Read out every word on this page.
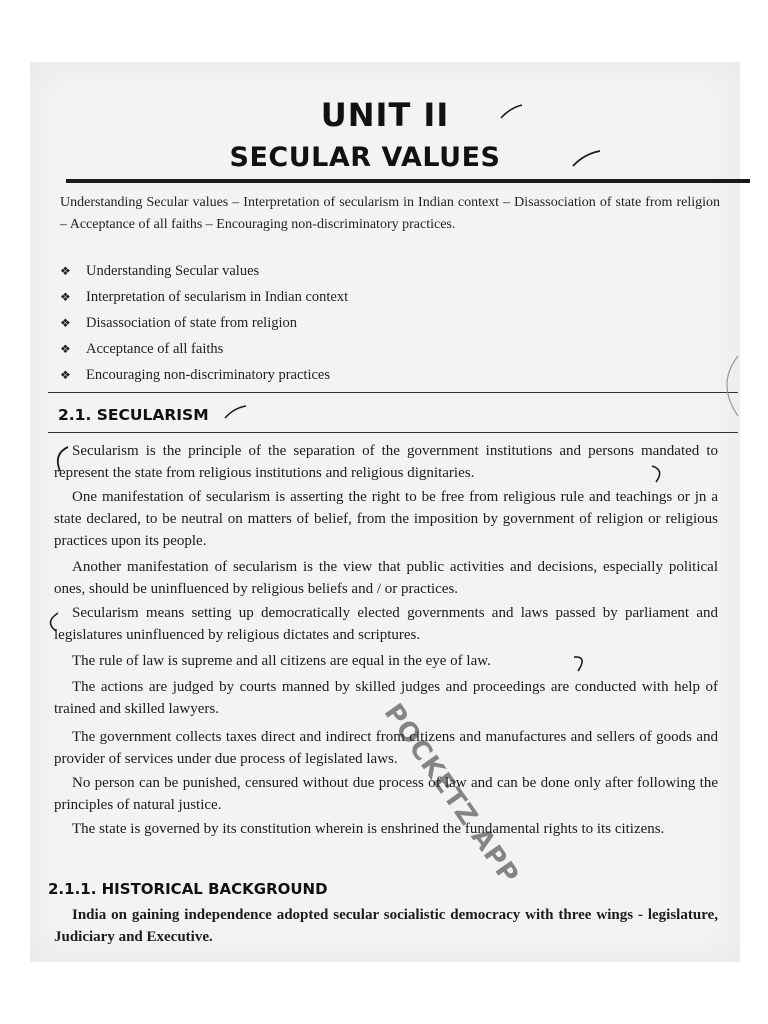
UNIT II
SECULAR VALUES
Understanding Secular values – Interpretation of secularism in Indian context – Disassociation of state from religion – Acceptance of all faiths – Encouraging non-discriminatory practices.
❖ Understanding Secular values
❖ Interpretation of secularism in Indian context
❖ Disassociation of state from religion
❖ Acceptance of all faiths
❖ Encouraging non-discriminatory practices
2.1. SECULARISM
Secularism is the principle of the separation of the government institutions and persons mandated to represent the state from religious institutions and religious dignitaries.
One manifestation of secularism is asserting the right to be free from religious rule and teachings or jn a state declared, to be neutral on matters of belief, from the imposition by government of religion or religious practices upon its people.
Another manifestation of secularism is the view that public activities and decisions, especially political ones, should be uninfluenced by religious beliefs and / or practices.
Secularism means setting up democratically elected governments and laws passed by parliament and legislatures uninfluenced by religious dictates and scriptures.
The rule of law is supreme and all citizens are equal in the eye of law.
The actions are judged by courts manned by skilled judges and proceedings are conducted with help of trained and skilled lawyers.
The government collects taxes direct and indirect from citizens and manufactures and sellers of goods and provider of services under due process of legislated laws.
No person can be punished, censured without due process of law and can be done only after following the principles of natural justice.
The state is governed by its constitution wherein is enshrined the fundamental rights to its citizens.
2.1.1. HISTORICAL BACKGROUND
India on gaining independence adopted secular socialistic democracy with three wings - legislature, Judiciary and Executive.
POCKETZ APP
